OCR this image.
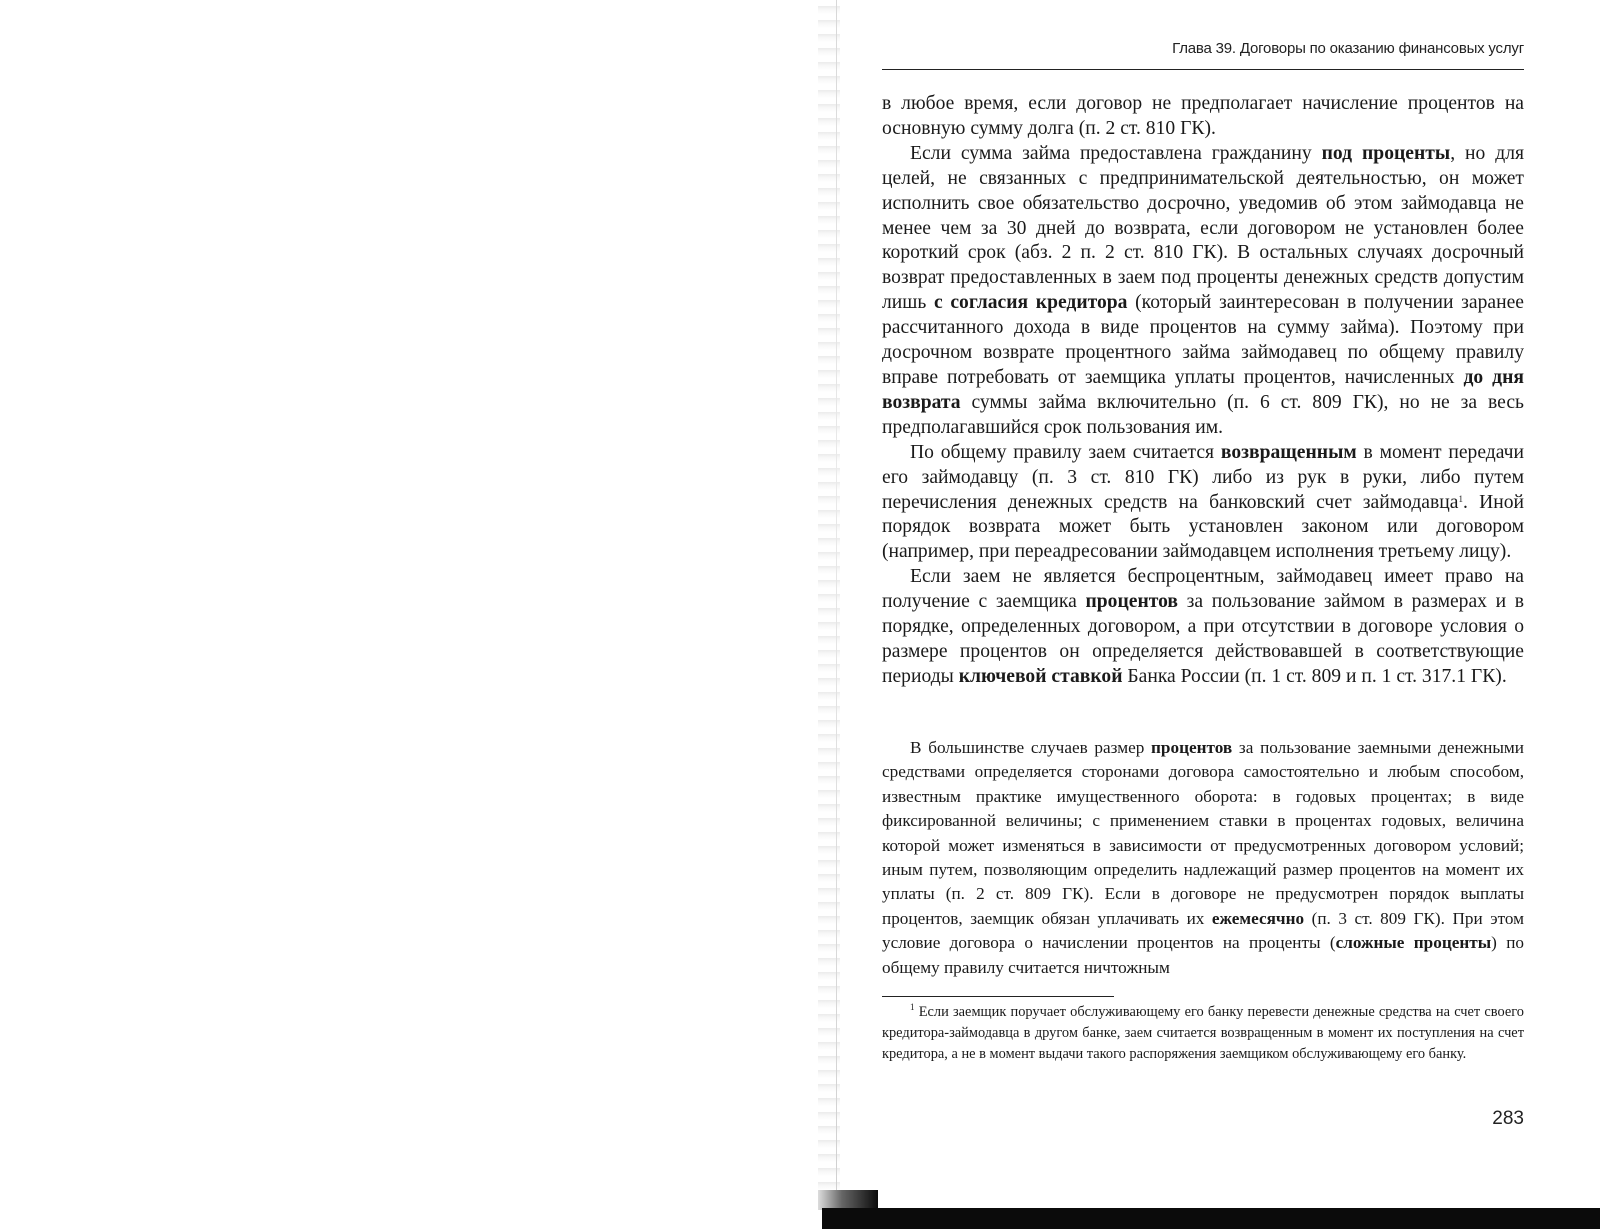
Глава 39. Договоры по оказанию финансовых услуг

в любое время, если договор не предполагает начисление процентов на основную сумму долга (п. 2 ст. 810 ГК).

Если сумма займа предоставлена гражданину под проценты, но для целей, не связанных с предпринимательской деятельностью, он может исполнить свое обязательство досрочно, уведомив об этом займодавца не менее чем за 30 дней до возврата, если договором не установлен более короткий срок (абз. 2 п. 2 ст. 810 ГК). В остальных случаях досрочный возврат предоставленных в заем под проценты денежных средств допустим лишь с согласия кредитора (который заинтересован в получении заранее рассчитанного дохода в виде процентов на сумму займа). Поэтому при досрочном возврате процентного займа займодавец по общему правилу вправе потребовать от заемщика уплаты процентов, начисленных до дня возврата суммы займа включительно (п. 6 ст. 809 ГК), но не за весь предполагавшийся срок пользования им.

По общему правилу заем считается возвращенным в момент передачи его займодавцу (п. 3 ст. 810 ГК) либо из рук в руки, либо путем перечисления денежных средств на банковский счет займодавца$^1$. Иной порядок возврата может быть установлен законом или договором (например, при переадресовании займодавцем исполнения третьему лицу).

Если заем не является беспроцентным, займодавец имеет право на получение с заемщика процентов за пользование займом в размерах и в порядке, определенных договором, а при отсутствии в договоре условия о размере процентов он определяется действовавшей в соответствующие периоды ключевой ставкой Банка России (п. 1 ст. 809 и п. 1 ст. 317.1 ГК).

В большинстве случаев размер процентов за пользование заемными денежными средствами определяется сторонами договора самостоятельно и любым способом, известным практике имущественного оборота: в годовых процентах; в виде фиксированной величины; с применением ставки в процентах годовых, величина которой может изменяться в зависимости от предусмотренных договором условий; иным путем, позволяющим определить надлежащий размер процентов на момент их уплаты (п. 2 ст. 809 ГК). Если в договоре не предусмотрен порядок выплаты процентов, заемщик обязан уплачивать их ежемесячно (п. 3 ст. 809 ГК). При этом условие договора о начислении процентов на проценты (сложные проценты) по общему правилу считается ничтожным

$^1$ Если заемщик поручает обслуживающему его банку перевести денежные средства на счет своего кредитора-займодавца в другом банке, заем считается возвращенным в момент их поступления на счет кредитора, а не в момент выдачи такого распоряжения заемщиком обслуживающему его банку.

283
